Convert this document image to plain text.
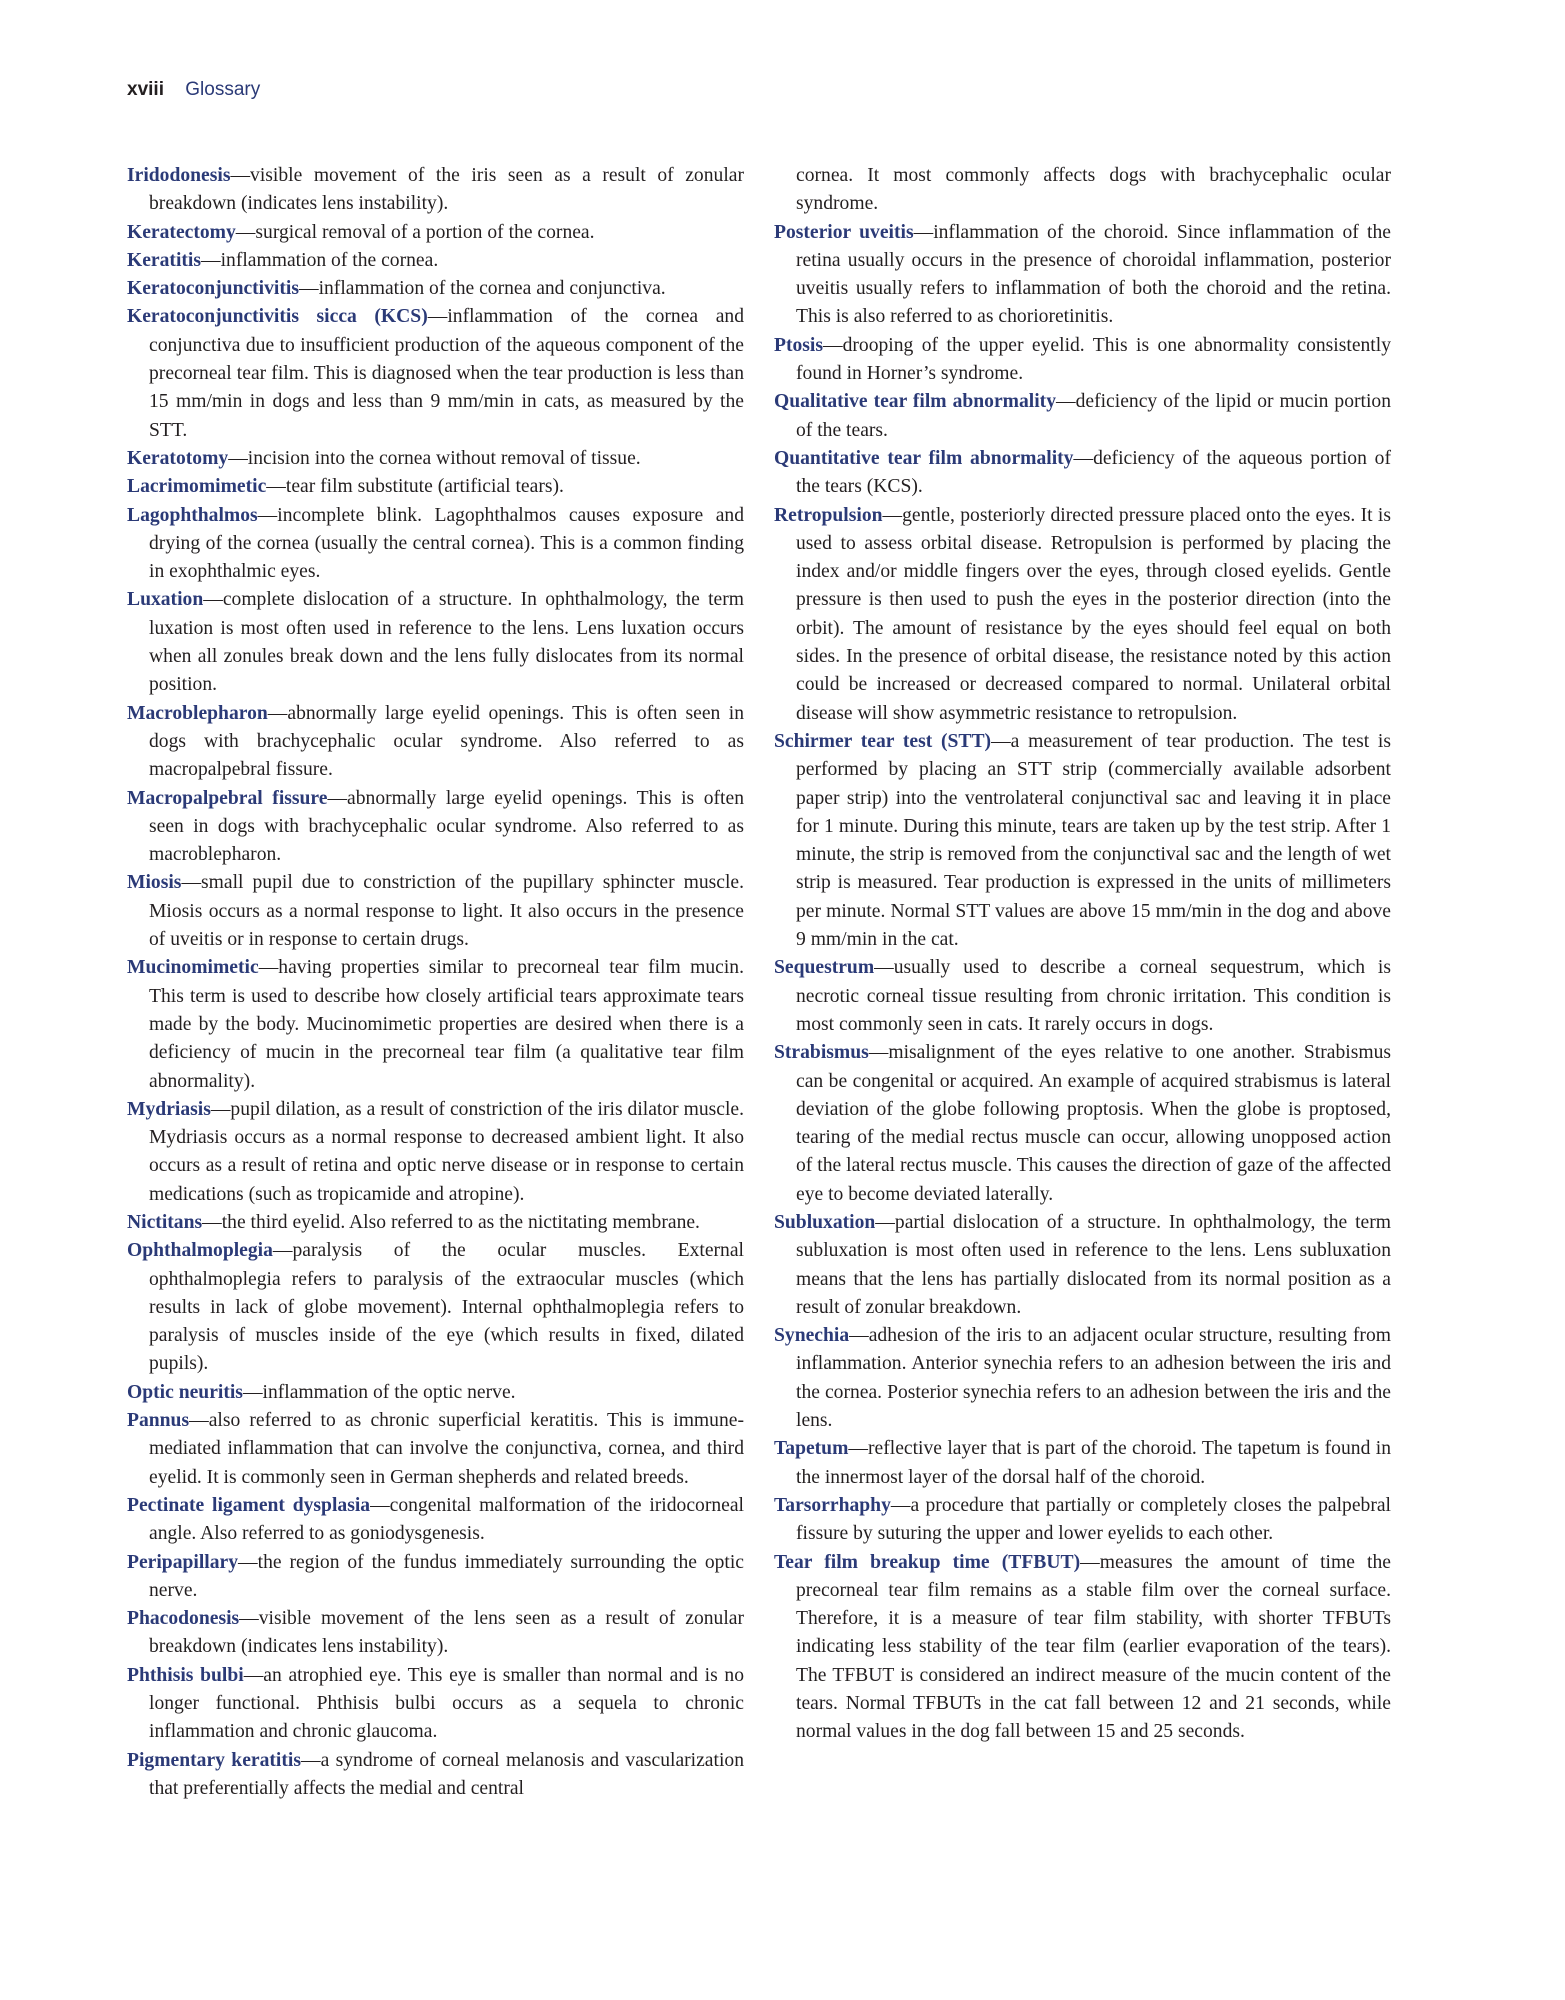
xviii Glossary

Iridodonesis—visible movement of the iris seen as a result of zonular breakdown (indicates lens instability).

Keratectomy—surgical removal of a portion of the cornea.

Keratitis—inflammation of the cornea.

Keratoconjunctivitis—inflammation of the cornea and conjunctiva.

Keratoconjunctivitis sicca (KCS)—inflammation of the cornea and conjunctiva due to insufficient production of the aqueous component of the precorneal tear film. This is diagnosed when the tear production is less than 15 mm/min in dogs and less than 9 mm/min in cats, as measured by the STT.

Keratotomy—incision into the cornea without removal of tissue.

Lacrimomimetic—tear film substitute (artificial tears).

Lagophthalmos—incomplete blink. Lagophthalmos causes exposure and drying of the cornea (usually the central cornea). This is a common finding in exophthalmic eyes.

Luxation—complete dislocation of a structure. In ophthalmology, the term luxation is most often used in reference to the lens. Lens luxation occurs when all zonules break down and the lens fully dislocates from its normal position.

Macroblepharon—abnormally large eyelid openings. This is often seen in dogs with brachycephalic ocular syndrome. Also referred to as macropalpebral fissure.

Macropalpebral fissure—abnormally large eyelid openings. This is often seen in dogs with brachycephalic ocular syndrome. Also referred to as macroblepharon.

Miosis—small pupil due to constriction of the pupillary sphincter muscle. Miosis occurs as a normal response to light. It also occurs in the presence of uveitis or in response to certain drugs.

Mucinomimetic—having properties similar to precorneal tear film mucin. This term is used to describe how closely artificial tears approximate tears made by the body. Mucinomimetic properties are desired when there is a deficiency of mucin in the precorneal tear film (a qualitative tear film abnormality).

Mydriasis—pupil dilation, as a result of constriction of the iris dilator muscle. Mydriasis occurs as a normal response to decreased ambient light. It also occurs as a result of retina and optic nerve disease or in response to certain medications (such as tropicamide and atropine).

Nictitans—the third eyelid. Also referred to as the nictitating membrane.

Ophthalmoplegia—paralysis of the ocular muscles. External ophthalmoplegia refers to paralysis of the extraocular muscles (which results in lack of globe movement). Internal ophthalmoplegia refers to paralysis of muscles inside of the eye (which results in fixed, dilated pupils).

Optic neuritis—inflammation of the optic nerve.

Pannus—also referred to as chronic superficial keratitis. This is immune-mediated inflammation that can involve the conjunctiva, cornea, and third eyelid. It is commonly seen in German shepherds and related breeds.

Pectinate ligament dysplasia—congenital malformation of the iridocorneal angle. Also referred to as goniodysgenesis.

Peripapillary—the region of the fundus immediately surrounding the optic nerve.

Phacodonesis—visible movement of the lens seen as a result of zonular breakdown (indicates lens instability).

Phthisis bulbi—an atrophied eye. This eye is smaller than normal and is no longer functional. Phthisis bulbi occurs as a sequela to chronic inflammation and chronic glaucoma.

Pigmentary keratitis—a syndrome of corneal melanosis and vascularization that preferentially affects the medial and central

cornea. It most commonly affects dogs with brachycephalic ocular syndrome.

Posterior uveitis—inflammation of the choroid. Since inflammation of the retina usually occurs in the presence of choroidal inflammation, posterior uveitis usually refers to inflammation of both the choroid and the retina. This is also referred to as chorioretinitis.

Ptosis—drooping of the upper eyelid. This is one abnormality consistently found in Horner’s syndrome.

Qualitative tear film abnormality—deficiency of the lipid or mucin portion of the tears.

Quantitative tear film abnormality—deficiency of the aqueous portion of the tears (KCS).

Retropulsion—gentle, posteriorly directed pressure placed onto the eyes. It is used to assess orbital disease. Retropulsion is performed by placing the index and/or middle fingers over the eyes, through closed eyelids. Gentle pressure is then used to push the eyes in the posterior direction (into the orbit). The amount of resistance by the eyes should feel equal on both sides. In the presence of orbital disease, the resistance noted by this action could be increased or decreased compared to normal. Unilateral orbital disease will show asymmetric resistance to retropulsion.

Schirmer tear test (STT)—a measurement of tear production. The test is performed by placing an STT strip (commercially available adsorbent paper strip) into the ventrolateral conjunctival sac and leaving it in place for 1 minute. During this minute, tears are taken up by the test strip. After 1 minute, the strip is removed from the conjunctival sac and the length of wet strip is measured. Tear production is expressed in the units of millimeters per minute. Normal STT values are above 15 mm/min in the dog and above 9 mm/min in the cat.

Sequestrum—usually used to describe a corneal sequestrum, which is necrotic corneal tissue resulting from chronic irritation. This condition is most commonly seen in cats. It rarely occurs in dogs.

Strabismus—misalignment of the eyes relative to one another. Strabismus can be congenital or acquired. An example of acquired strabismus is lateral deviation of the globe following proptosis. When the globe is proptosed, tearing of the medial rectus muscle can occur, allowing unopposed action of the lateral rectus muscle. This causes the direction of gaze of the affected eye to become deviated laterally.

Subluxation—partial dislocation of a structure. In ophthalmology, the term subluxation is most often used in reference to the lens. Lens subluxation means that the lens has partially dislocated from its normal position as a result of zonular breakdown.

Synechia—adhesion of the iris to an adjacent ocular structure, resulting from inflammation. Anterior synechia refers to an adhesion between the iris and the cornea. Posterior synechia refers to an adhesion between the iris and the lens.

Tapetum—reflective layer that is part of the choroid. The tapetum is found in the innermost layer of the dorsal half of the choroid.

Tarsorrhaphy—a procedure that partially or completely closes the palpebral fissure by suturing the upper and lower eyelids to each other.

Tear film breakup time (TFBUT)—measures the amount of time the precorneal tear film remains as a stable film over the corneal surface. Therefore, it is a measure of tear film stability, with shorter TFBUTs indicating less stability of the tear film (earlier evaporation of the tears). The TFBUT is considered an indirect measure of the mucin content of the tears. Normal TFBUTs in the cat fall between 12 and 21 seconds, while normal values in the dog fall between 15 and 25 seconds.
